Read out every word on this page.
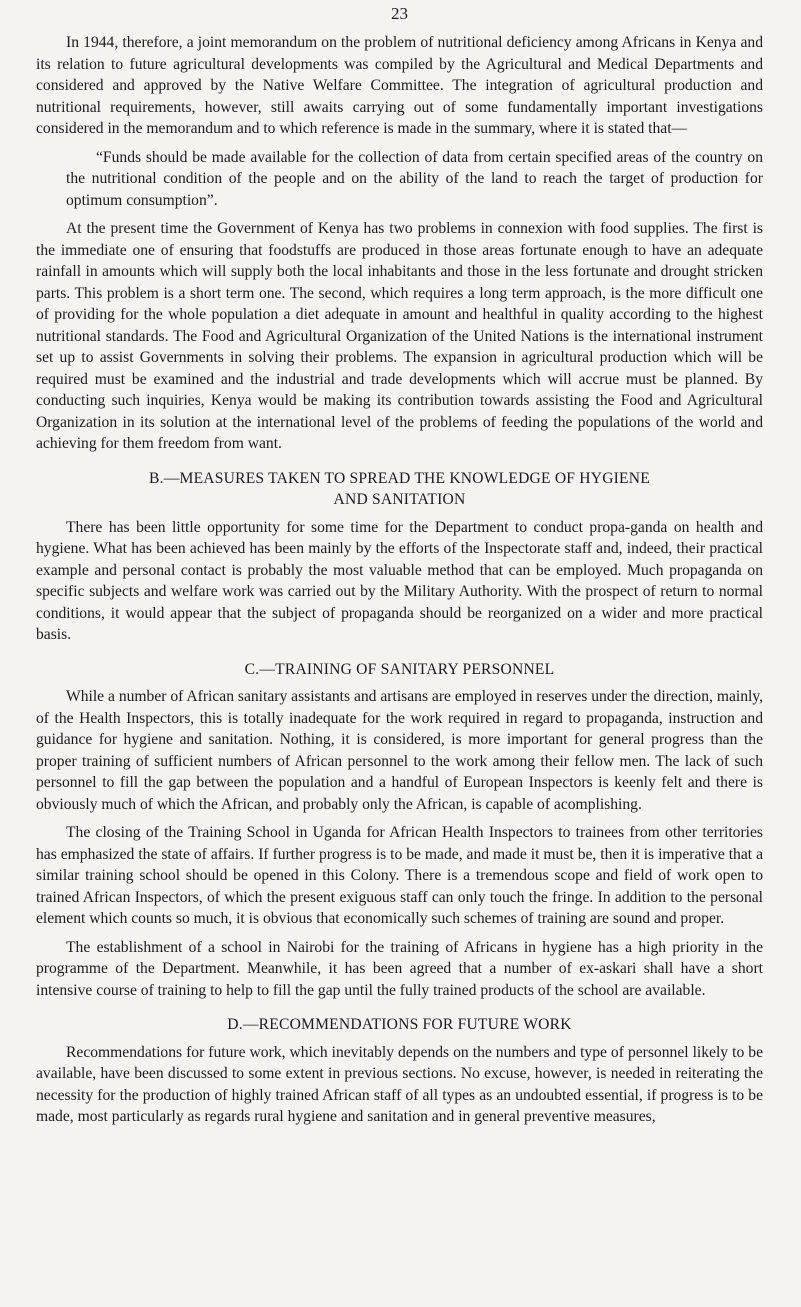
23

In 1944, therefore, a joint memorandum on the problem of nutritional deficiency among Africans in Kenya and its relation to future agricultural developments was compiled by the Agricultural and Medical Departments and considered and approved by the Native Welfare Committee. The integration of agricultural production and nutritional requirements, however, still awaits carrying out of some fundamentally important investigations considered in the memorandum and to which reference is made in the summary, where it is stated that—

“Funds should be made available for the collection of data from certain specified areas of the country on the nutritional condition of the people and on the ability of the land to reach the target of production for optimum consumption”.

At the present time the Government of Kenya has two problems in connexion with food supplies. The first is the immediate one of ensuring that foodstuffs are produced in those areas fortunate enough to have an adequate rainfall in amounts which will supply both the local inhabitants and those in the less fortunate and drought stricken parts. This problem is a short term one. The second, which requires a long term approach, is the more difficult one of providing for the whole population a diet adequate in amount and healthful in quality according to the highest nutritional standards. The Food and Agricultural Organization of the United Nations is the international instrument set up to assist Governments in solving their problems. The expansion in agricultural production which will be required must be examined and the industrial and trade developments which will accrue must be planned. By conducting such inquiries, Kenya would be making its contribution towards assisting the Food and Agricultural Organization in its solution at the international level of the problems of feeding the populations of the world and achieving for them freedom from want.

B.—MEASURES TAKEN TO SPREAD THE KNOWLEDGE OF HYGIENE
AND SANITATION

There has been little opportunity for some time for the Department to conduct propa-ganda on health and hygiene. What has been achieved has been mainly by the efforts of the Inspectorate staff and, indeed, their practical example and personal contact is probably the most valuable method that can be employed. Much propaganda on specific subjects and welfare work was carried out by the Military Authority. With the prospect of return to normal conditions, it would appear that the subject of propaganda should be reorganized on a wider and more practical basis.

C.—TRAINING OF SANITARY PERSONNEL

While a number of African sanitary assistants and artisans are employed in reserves under the direction, mainly, of the Health Inspectors, this is totally inadequate for the work required in regard to propaganda, instruction and guidance for hygiene and sanitation. Nothing, it is considered, is more important for general progress than the proper training of sufficient numbers of African personnel to the work among their fellow men. The lack of such personnel to fill the gap between the population and a handful of European Inspectors is keenly felt and there is obviously much of which the African, and probably only the African, is capable of acomplishing.

The closing of the Training School in Uganda for African Health Inspectors to trainees from other territories has emphasized the state of affairs. If further progress is to be made, and made it must be, then it is imperative that a similar training school should be opened in this Colony. There is a tremendous scope and field of work open to trained African Inspectors, of which the present exiguous staff can only touch the fringe. In addition to the personal element which counts so much, it is obvious that economically such schemes of training are sound and proper.

The establishment of a school in Nairobi for the training of Africans in hygiene has a high priority in the programme of the Department. Meanwhile, it has been agreed that a number of ex-askari shall have a short intensive course of training to help to fill the gap until the fully trained products of the school are available.

D.—RECOMMENDATIONS FOR FUTURE WORK

Recommendations for future work, which inevitably depends on the numbers and type of personnel likely to be available, have been discussed to some extent in previous sections. No excuse, however, is needed in reiterating the necessity for the production of highly trained African staff of all types as an undoubted essential, if progress is to be made, most particularly as regards rural hygiene and sanitation and in general preventive measures,
